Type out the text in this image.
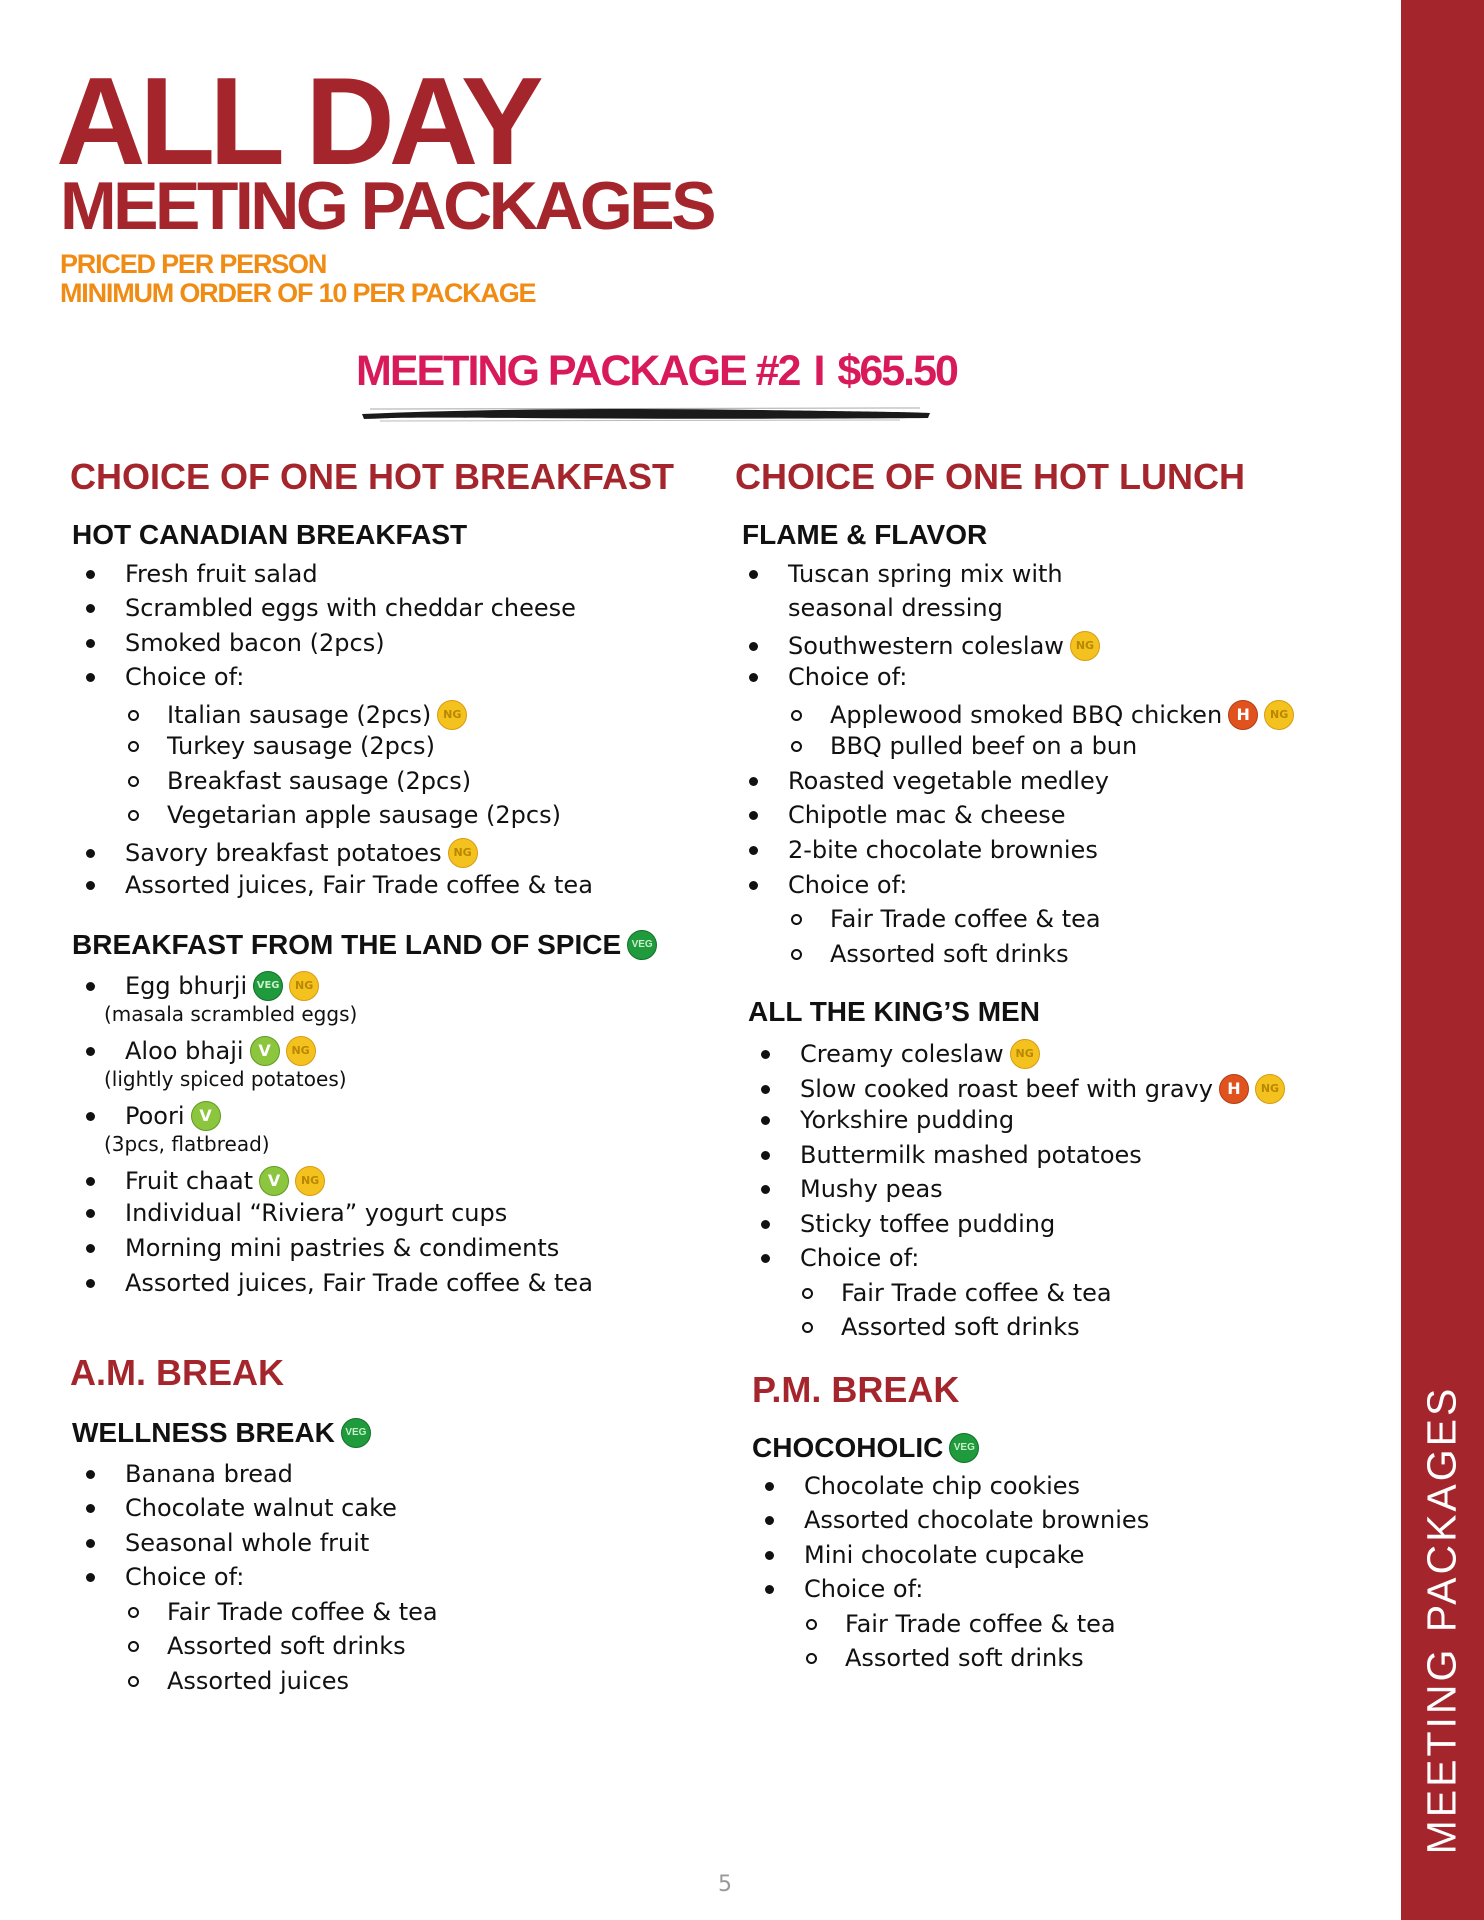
MEETING PACKAGES
ALL DAY
MEETING PACKAGES
PRICED PER PERSON
MINIMUM ORDER OF 10 PER PACKAGE
MEETING PACKAGE #2 I $65.50
CHOICE OF ONE HOT BREAKFAST
HOT CANADIAN BREAKFAST
Fresh fruit salad
Scrambled eggs with cheddar cheese
Smoked bacon (2pcs)
Choice of:
Italian sausage (2pcs)	NG
Turkey sausage (2pcs)
Breakfast sausage (2pcs)
Vegetarian apple sausage (2pcs)
Savory breakfast potatoes	NG
Assorted juices, Fair Trade coffee & tea
BREAKFAST FROM THE LAND OF SPICE	VEG
Egg bhurji VEG	NG
(masala scrambled eggs)
Aloo bhaji V	NG
(lightly spiced potatoes)
Poori V
(3pcs, flatbread)
Fruit chaat V	NG
Individual “Riviera” yogurt cups
Morning mini pastries & condiments
Assorted juices, Fair Trade coffee & tea
A.M. BREAK
WELLNESS BREAK	VEG
Banana bread
Chocolate walnut cake
Seasonal whole fruit
Choice of:
Fair Trade coffee & tea
Assorted soft drinks
Assorted juices
CHOICE OF ONE HOT LUNCH
FLAME & FLAVOR
Tuscan spring mix with
seasonal dressing
Southwestern coleslaw	NG
Choice of:
Applewood smoked BBQ chicken H	NG
BBQ pulled beef on a bun
Roasted vegetable medley
Chipotle mac & cheese
2-bite chocolate brownies
Choice of:
Fair Trade coffee & tea
Assorted soft drinks
ALL THE KING’S MEN
Creamy coleslaw	NG
Slow cooked roast beef with gravy H	NG
Yorkshire pudding
Buttermilk mashed potatoes
Mushy peas
Sticky toffee pudding
Choice of:
Fair Trade coffee & tea
Assorted soft drinks
P.M. BREAK
CHOCOHOLIC	VEG
Chocolate chip cookies
Assorted chocolate brownies
Mini chocolate cupcake
Choice of:
Fair Trade coffee & tea
Assorted soft drinks
5
